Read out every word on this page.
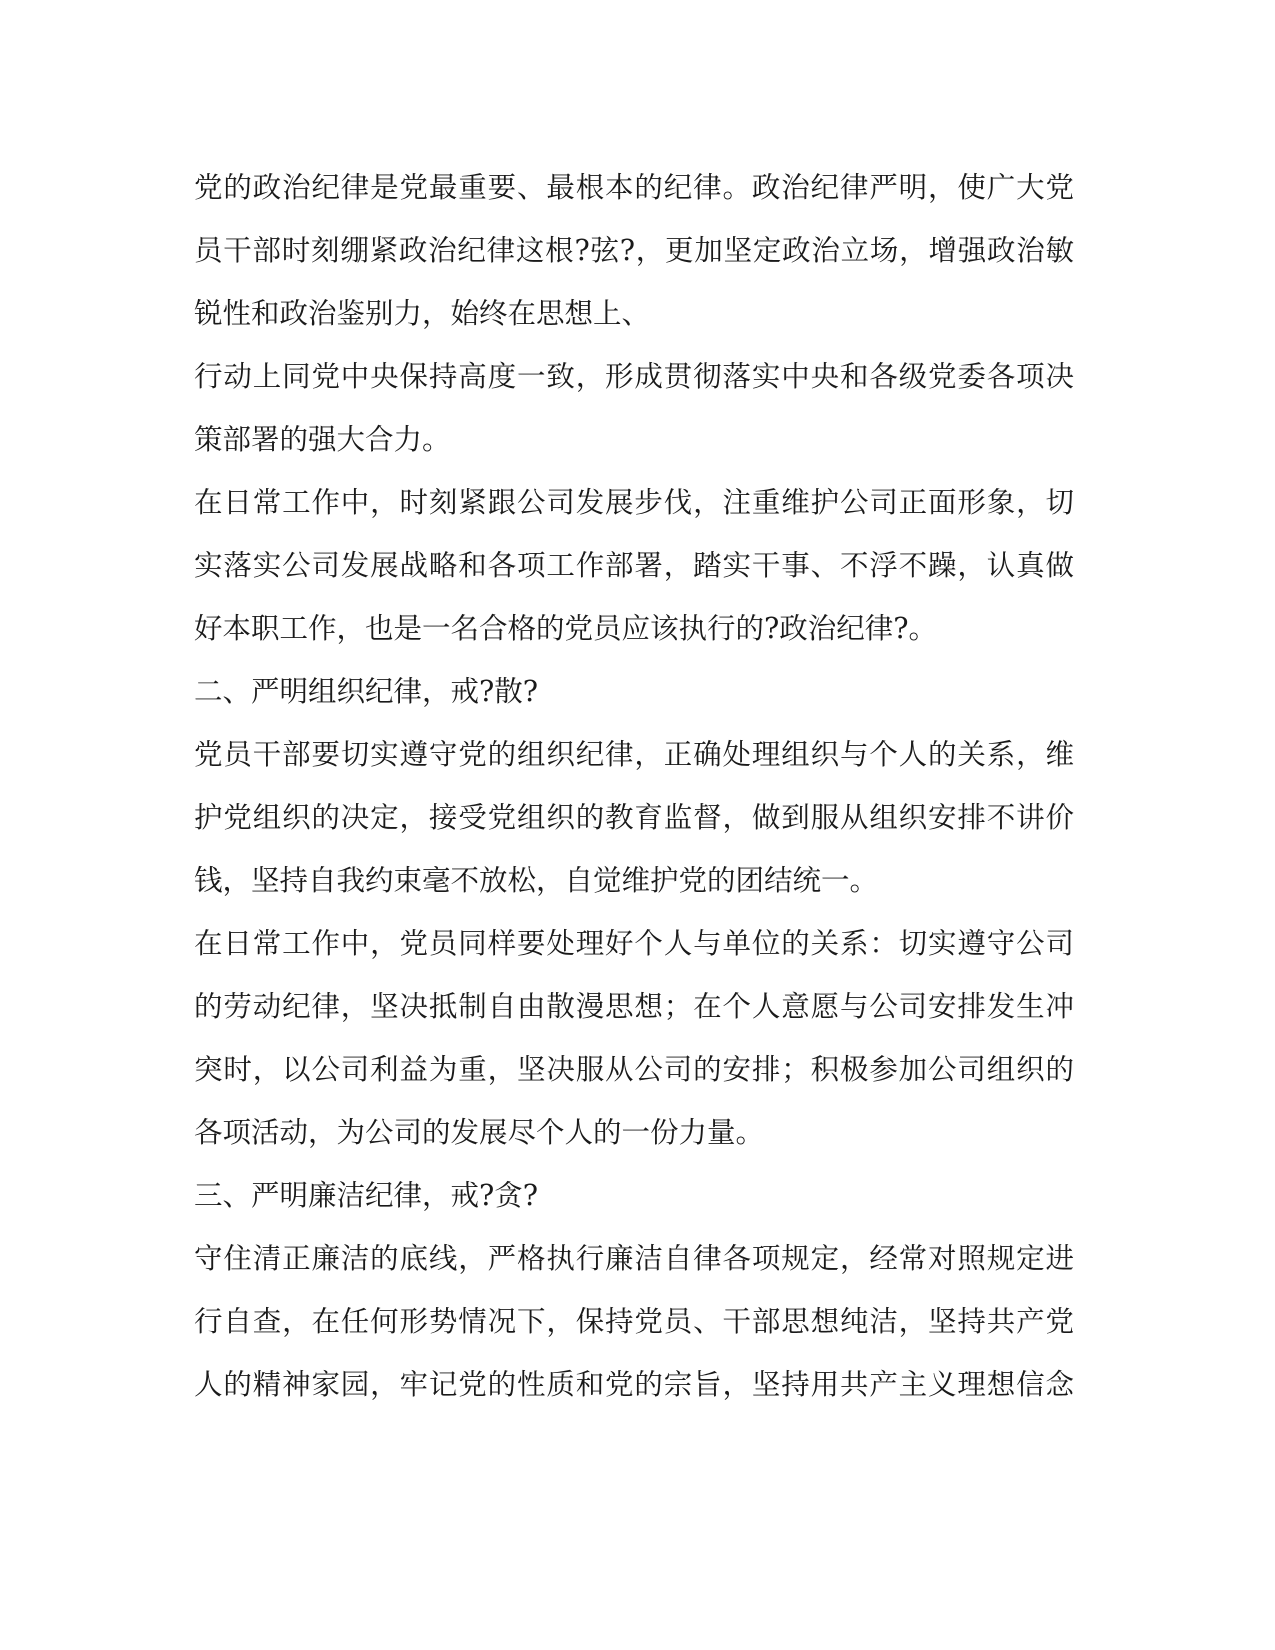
党的政治纪律是党最重要、最根本的纪律。政治纪律严明，使广大党
员干部时刻绷紧政治纪律这根?弦?，更加坚定政治立场，增强政治敏
锐性和政治鉴别力，始终在思想上、
行动上同党中央保持高度一致，形成贯彻落实中央和各级党委各项决
策部署的强大合力。
在日常工作中，时刻紧跟公司发展步伐，注重维护公司正面形象，切
实落实公司发展战略和各项工作部署，踏实干事、不浮不躁，认真做
好本职工作，也是一名合格的党员应该执行的?政治纪律?。
二、严明组织纪律，戒?散?
党员干部要切实遵守党的组织纪律，正确处理组织与个人的关系，维
护党组织的决定，接受党组织的教育监督，做到服从组织安排不讲价
钱，坚持自我约束毫不放松，自觉维护党的团结统一。
在日常工作中，党员同样要处理好个人与单位的关系：切实遵守公司
的劳动纪律，坚决抵制自由散漫思想；在个人意愿与公司安排发生冲
突时，以公司利益为重，坚决服从公司的安排；积极参加公司组织的
各项活动，为公司的发展尽个人的一份力量。
三、严明廉洁纪律，戒?贪?
守住清正廉洁的底线，严格执行廉洁自律各项规定，经常对照规定进
行自查，在任何形势情况下，保持党员、干部思想纯洁，坚持共产党
人的精神家园，牢记党的性质和党的宗旨，坚持用共产主义理想信念
